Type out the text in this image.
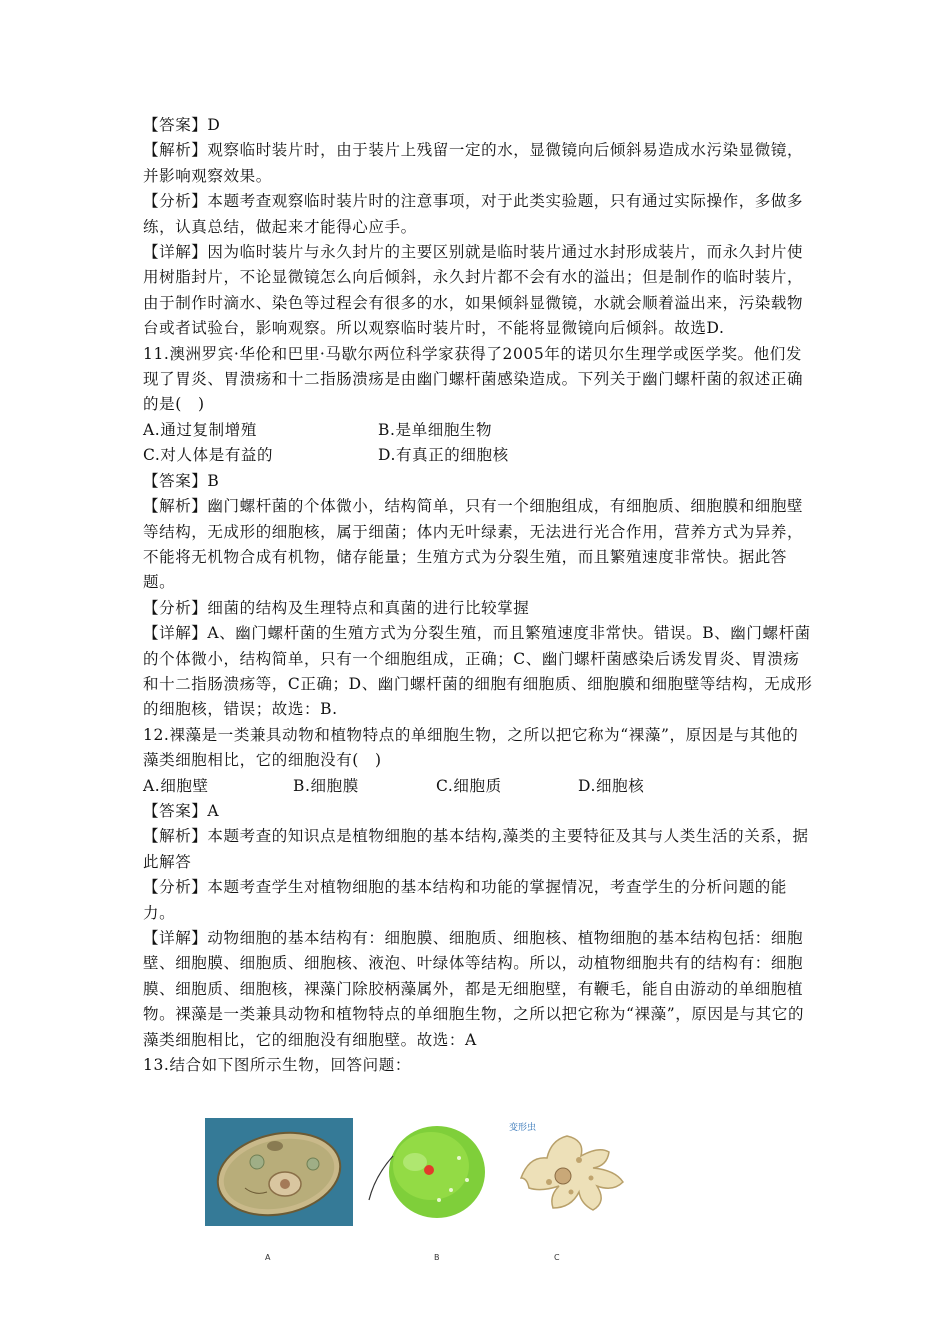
【答案】D

【解析】观察临时装片时，由于装片上残留一定的水，显微镜向后倾斜易造成水污染显微镜，并影响观察效果。

【分析】本题考查观察临时装片时的注意事项，对于此类实验题，只有通过实际操作，多做多练，认真总结，做起来才能得心应手。

【详解】因为临时装片与永久封片的主要区别就是临时装片通过水封形成装片，而永久封片使用树脂封片，不论显微镜怎么向后倾斜，永久封片都不会有水的溢出；但是制作的临时装片，由于制作时滴水、染色等过程会有很多的水，如果倾斜显微镜，水就会顺着溢出来，污染载物台或者试验台，影响观察。所以观察临时装片时，不能将显微镜向后倾斜。故选D.

11.澳洲罗宾·华伦和巴里·马歇尔两位科学家获得了2005年的诺贝尔生理学或医学奖。他们发现了胃炎、胃溃疡和十二指肠溃疡是由幽门螺杆菌感染造成。下列关于幽门螺杆菌的叙述正确的是(　)

A.通过复制增殖	B.是单细胞生物
C.对人体是有益的	D.有真正的细胞核

【答案】B

【解析】幽门螺杆菌的个体微小，结构简单，只有一个细胞组成，有细胞质、细胞膜和细胞壁等结构，无成形的细胞核，属于细菌；体内无叶绿素，无法进行光合作用，营养方式为异养，不能将无机物合成有机物，储存能量；生殖方式为分裂生殖，而且繁殖速度非常快。据此答题。

【分析】细菌的结构及生理特点和真菌的进行比较掌握

【详解】A、幽门螺杆菌的生殖方式为分裂生殖，而且繁殖速度非常快。错误。B、幽门螺杆菌的个体微小，结构简单，只有一个细胞组成，正确；C、幽门螺杆菌感染后诱发胃炎、胃溃疡和十二指肠溃疡等，C正确；D、幽门螺杆菌的细胞有细胞质、细胞膜和细胞壁等结构，无成形的细胞核，错误；故选：B.

12.裸藻是一类兼具动物和植物特点的单细胞生物，之所以把它称为“裸藻”，原因是与其他的藻类细胞相比，它的细胞没有(　)

A.细胞壁	B.细胞膜	C.细胞质	D.细胞核

【答案】A

【解析】本题考查的知识点是植物细胞的基本结构,藻类的主要特征及其与人类生活的关系，据此解答

【分析】本题考查学生对植物细胞的基本结构和功能的掌握情况，考查学生的分析问题的能力。

【详解】动物细胞的基本结构有：细胞膜、细胞质、细胞核、植物细胞的基本结构包括：细胞壁、细胞膜、细胞质、细胞核、液泡、叶绿体等结构。所以，动植物细胞共有的结构有：细胞膜、细胞质、细胞核，裸藻门除胶柄藻属外，都是无细胞壁，有鞭毛，能自由游动的单细胞植物。裸藻是一类兼具动物和植物特点的单细胞生物，之所以把它称为“裸藻”，原因是与其它的藻类细胞相比，它的细胞没有细胞壁。故选：A

13.结合如下图所示生物，回答问题：

变形虫
A	B	C
